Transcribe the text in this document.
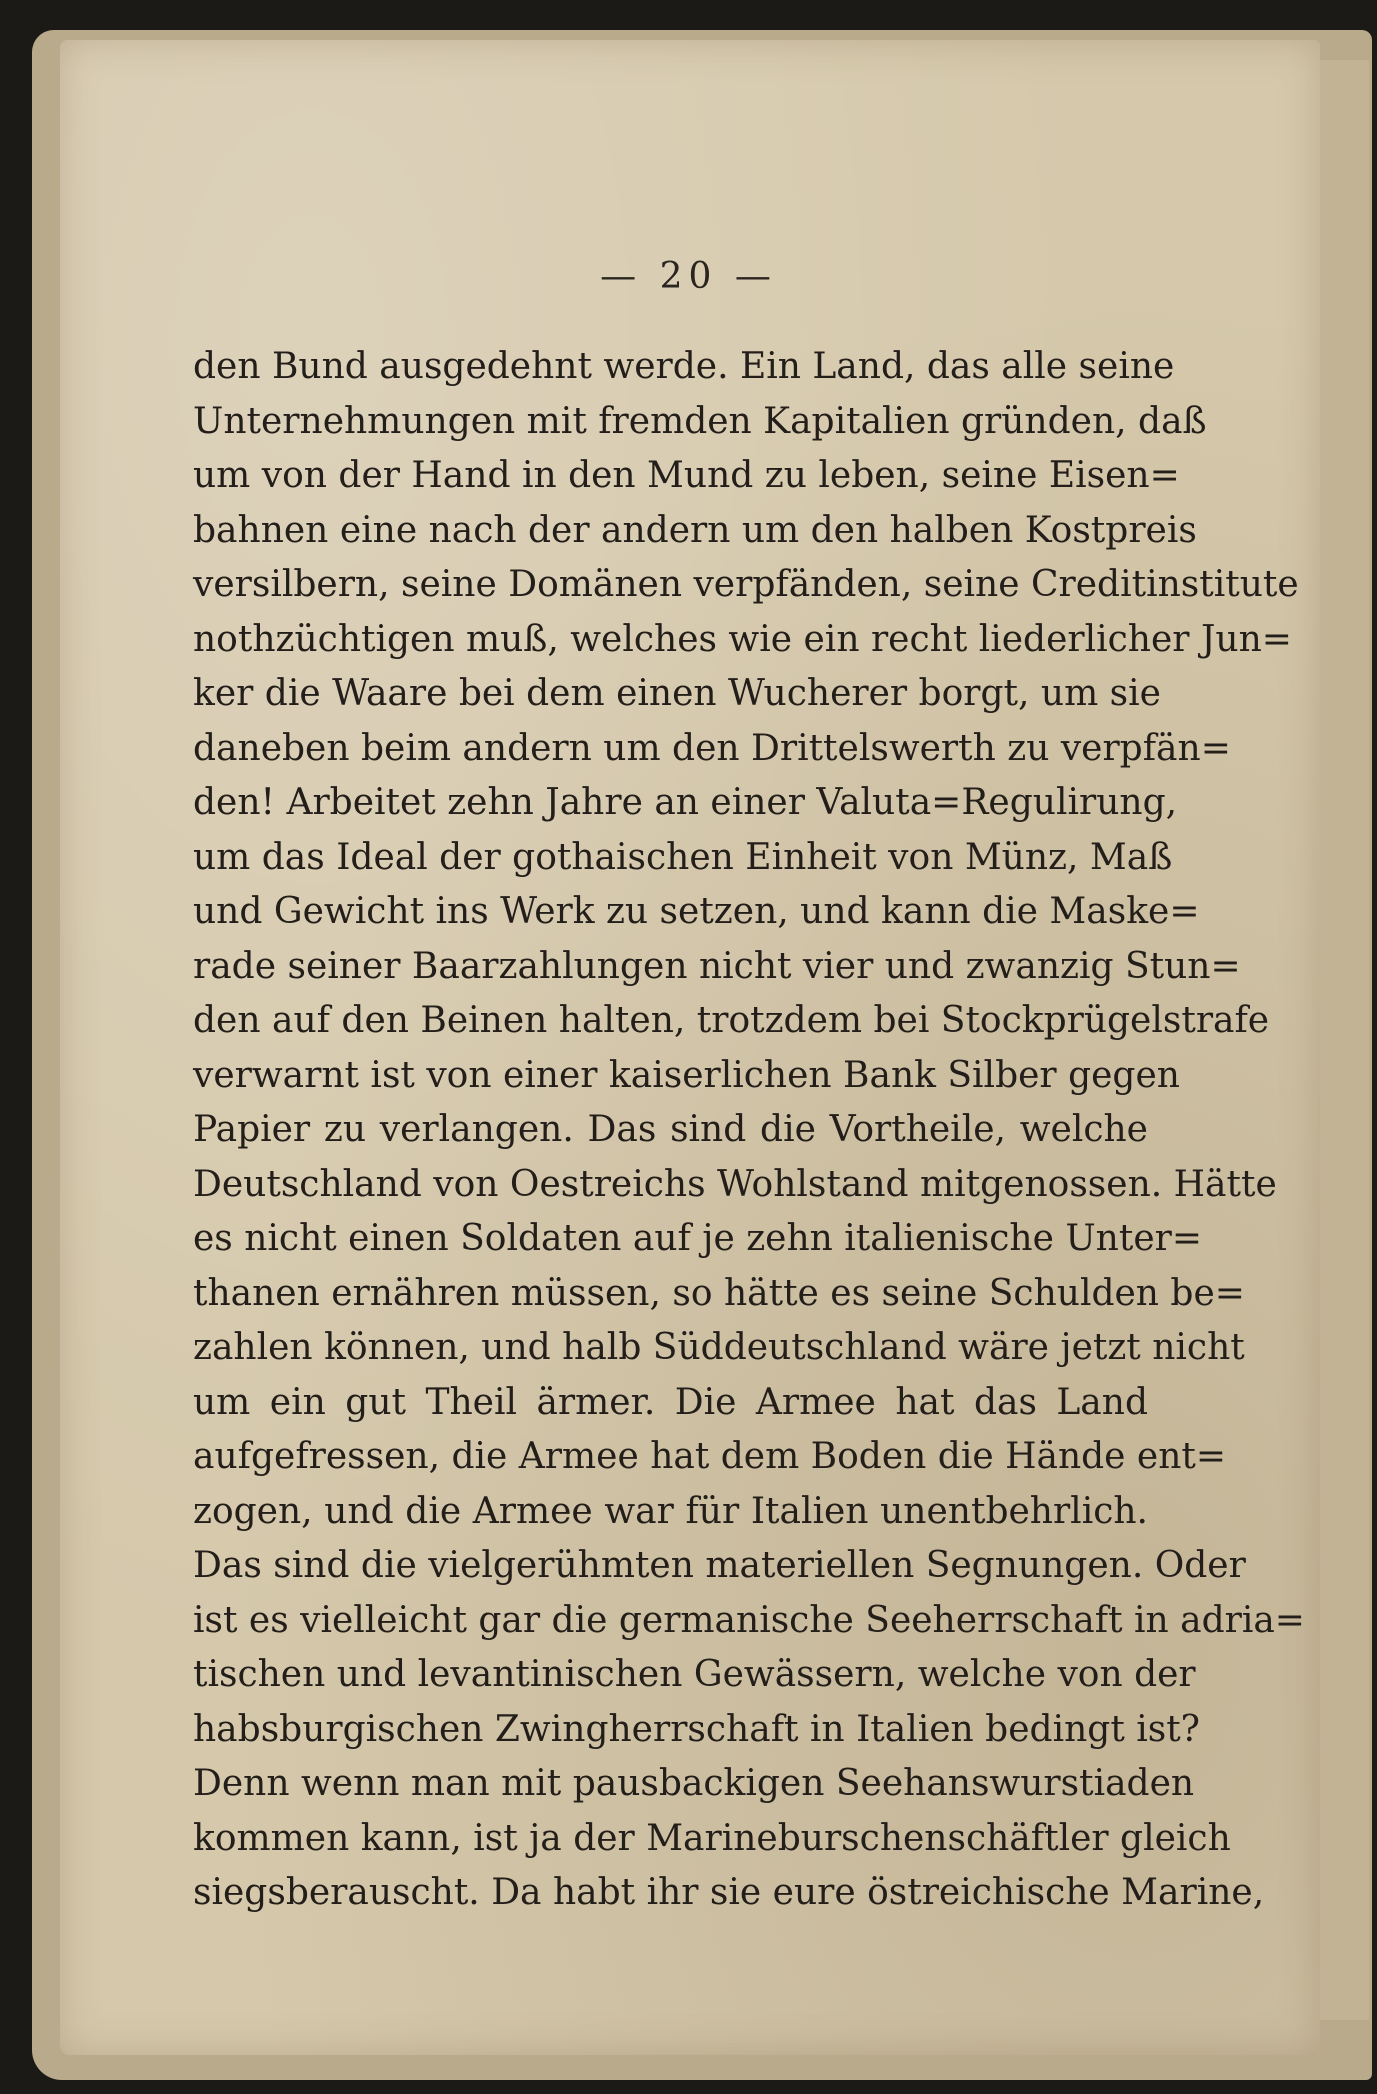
— 20 —
den Bund ausgedehnt werde. Ein Land, das alle seine
Unternehmungen mit fremden Kapitalien gründen, daß
um von der Hand in den Mund zu leben, seine Eisen=
bahnen eine nach der andern um den halben Kostpreis
versilbern, seine Domänen verpfänden, seine Creditinstitute
nothzüchtigen muß, welches wie ein recht liederlicher Jun=
ker die Waare bei dem einen Wucherer borgt, um sie
daneben beim andern um den Drittelswerth zu verpfän=
den! Arbeitet zehn Jahre an einer Valuta=Regulirung,
um das Ideal der gothaischen Einheit von Münz, Maß
und Gewicht ins Werk zu setzen, und kann die Maske=
rade seiner Baarzahlungen nicht vier und zwanzig Stun=
den auf den Beinen halten, trotzdem bei Stockprügelstrafe
verwarnt ist von einer kaiserlichen Bank Silber gegen
Papier zu verlangen. Das sind die Vortheile, welche
Deutschland von Oestreichs Wohlstand mitgenossen. Hätte
es nicht einen Soldaten auf je zehn italienische Unter=
thanen ernähren müssen, so hätte es seine Schulden be=
zahlen können, und halb Süddeutschland wäre jetzt nicht
um ein gut Theil ärmer. Die Armee hat das Land
aufgefressen, die Armee hat dem Boden die Hände ent=
zogen, und die Armee war für Italien unentbehrlich.
Das sind die vielgerühmten materiellen Segnungen. Oder
ist es vielleicht gar die germanische Seeherrschaft in adria=
tischen und levantinischen Gewässern, welche von der
habsburgischen Zwingherrschaft in Italien bedingt ist?
Denn wenn man mit pausbackigen Seehanswurstiaden
kommen kann, ist ja der Marineburschenschäftler gleich
siegsberauscht. Da habt ihr sie eure östreichische Marine,
